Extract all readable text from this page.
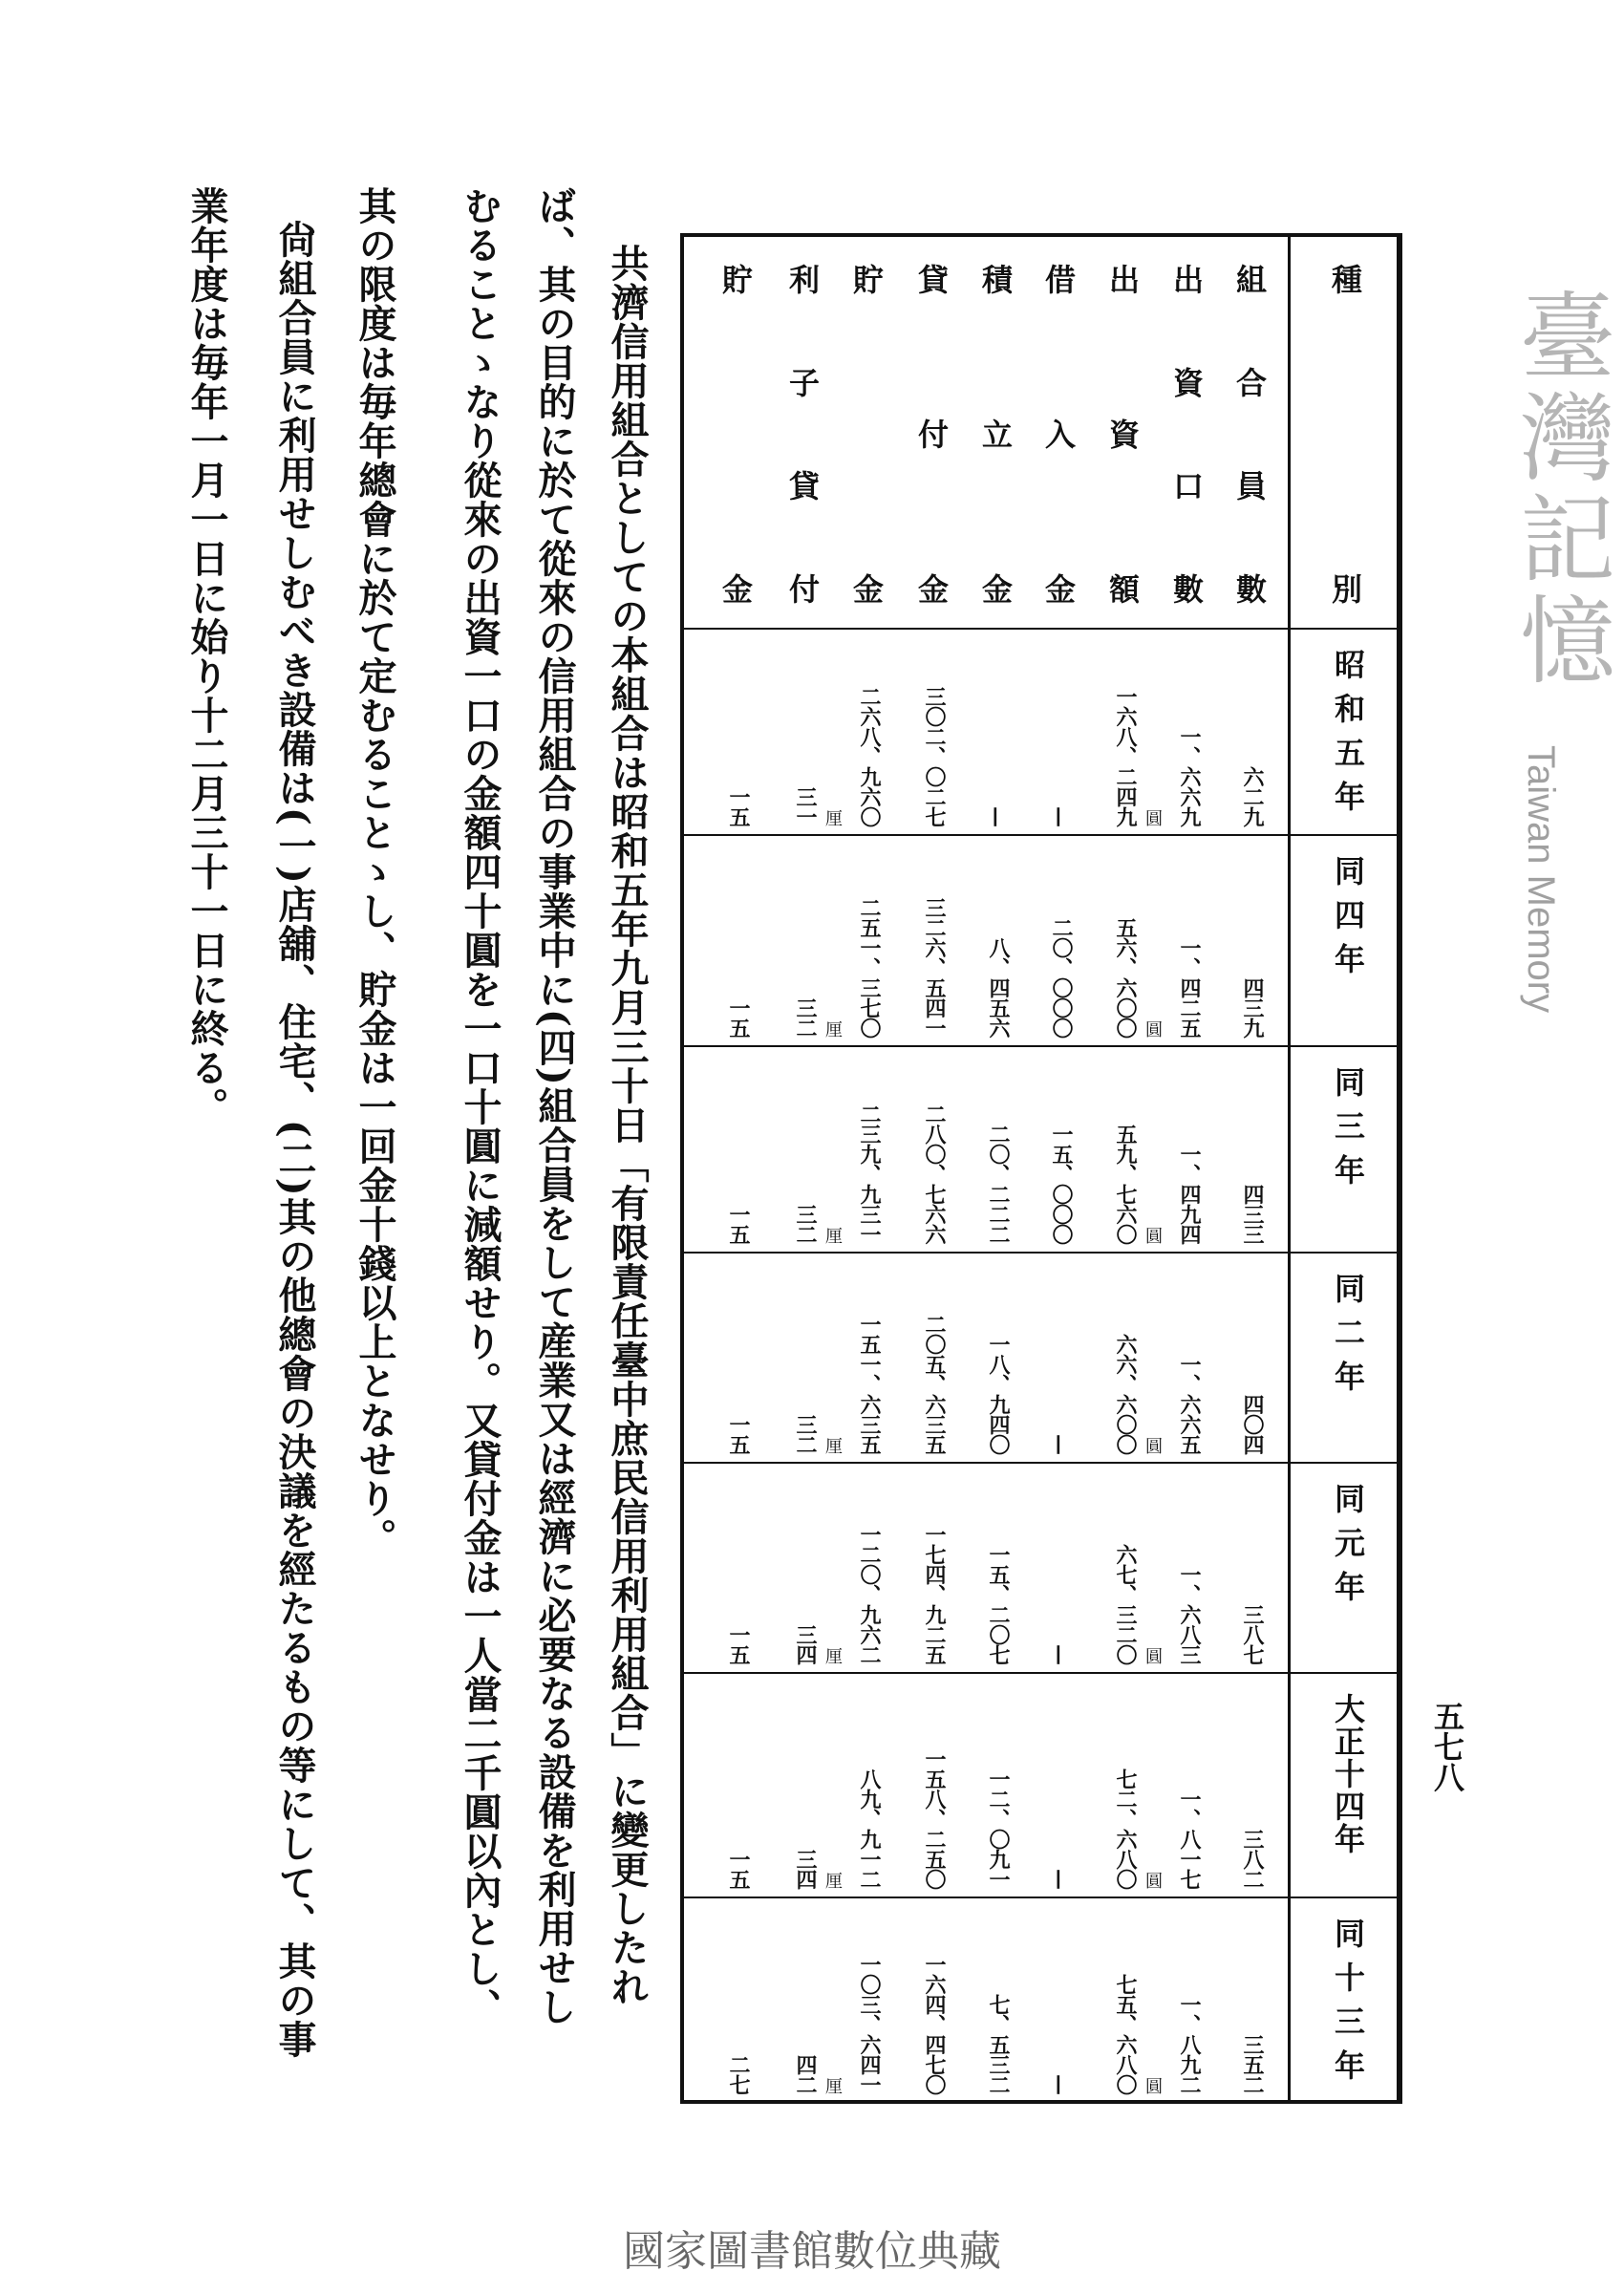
種
別
組
合
員
數
出
資
口
數
出
資
額
借
入
金
積
立
金
貸
付
金
貯
金
利
子
貸
付
貯
金
昭和五年
六二九
一、六六九
一六八、二四九 圓
—
—
三〇二、〇二七
二六八、九六〇
三一 厘
一五
同四年
四三九
一、四二五
五六、六〇〇 圓
二〇、〇〇〇
八、四五六
三二六、五四一
二五一、三七〇
三二 厘
一五
同三年
四三三
一、四九四
五九、七六〇 圓
一五、〇〇〇
二〇、二二二
二八〇、七六六
二三九、九三一
三二 厘
一五
同二年
四〇四
一、六六五
六六、六〇〇 圓
—
一八、九四〇
二〇五、六三五
一五一、六三五
三二 厘
一五
同元年
三八七
一、六八三
六七、三二〇 圓
—
一五、二〇七
一七四、九二五
一二〇、九六二
三四 厘
一五
大正十四年
三八二
一、八一七
七二、六八〇 圓
—
一二、〇九一
一五八、二五〇
八九、九一二
三四 厘
一五
同十三年
三五二
一、八九二
七五、六八〇 圓
—
七、五三二
一六四、四七〇
一〇三、六四一
四二 厘
二七
五七八
共濟信用組合としての本組合は昭和五年九月三十日「有限責任臺中庶民信用利用組合」に變更したれ
ば、其の目的に於て從來の信用組合の事業中に(四)組合員をして産業又は經濟に必要なる設備を利用せし
むることゝなり從來の出資一口の金額四十圓を一口十圓に減額せり。又貸付金は一人當二千圓以內とし、
其の限度は毎年總會に於て定むることゝし、貯金は一回金十錢以上となせり。
尙組合員に利用せしむべき設備は(一)店舖、住宅、(二)其の他總會の決議を經たるもの等にして、其の事
業年度は毎年一月一日に始り十二月三十一日に終る。	臺灣記憶
Taiwan Memory
國家圖書館數位典藏
